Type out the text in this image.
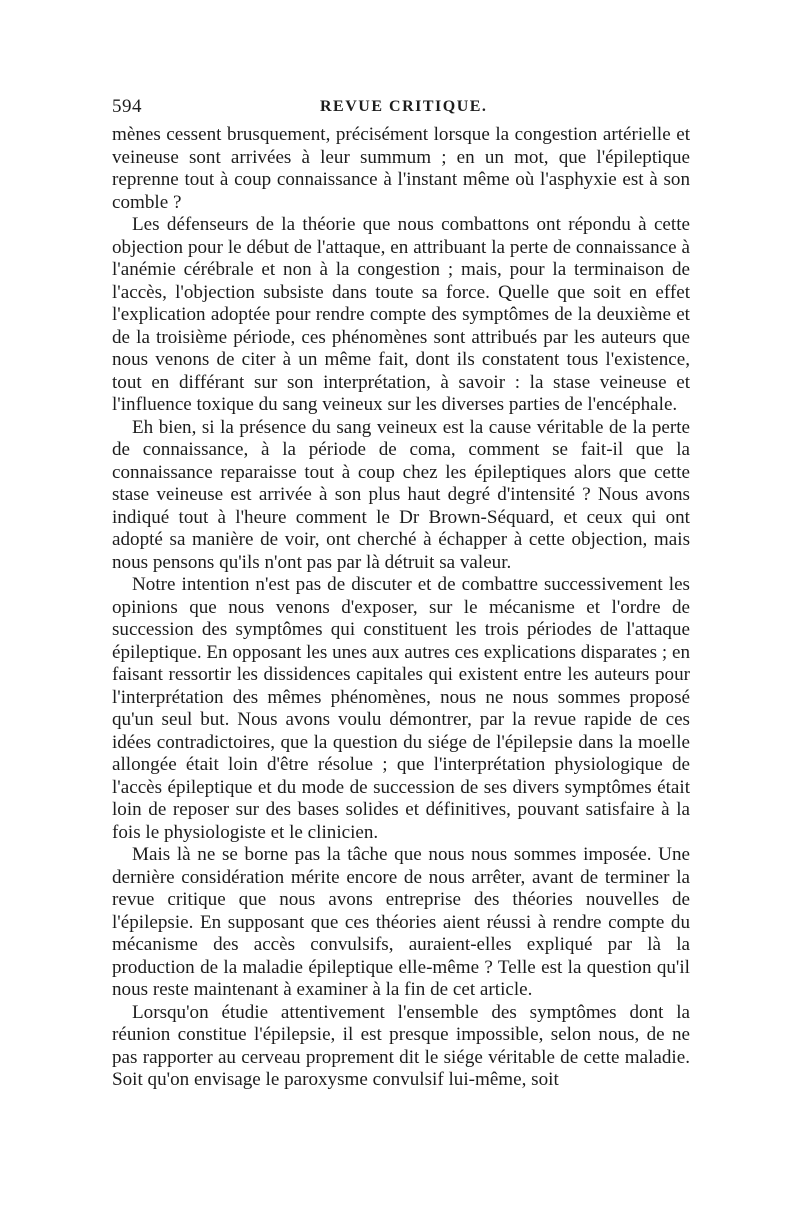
594	REVUE CRITIQUE.

mènes cessent brusquement, précisément lorsque la congestion artérielle et veineuse sont arrivées à leur summum ; en un mot, que l'épileptique reprenne tout à coup connaissance à l'instant même où l'asphyxie est à son comble ?

Les défenseurs de la théorie que nous combattons ont répondu à cette objection pour le début de l'attaque, en attribuant la perte de connaissance à l'anémie cérébrale et non à la congestion ; mais, pour la terminaison de l'accès, l'objection subsiste dans toute sa force. Quelle que soit en effet l'explication adoptée pour rendre compte des symptômes de la deuxième et de la troisième période, ces phénomènes sont attribués par les auteurs que nous venons de citer à un même fait, dont ils constatent tous l'existence, tout en différant sur son interprétation, à savoir : la stase veineuse et l'influence toxique du sang veineux sur les diverses parties de l'encéphale.

Eh bien, si la présence du sang veineux est la cause véritable de la perte de connaissance, à la période de coma, comment se fait-il que la connaissance reparaisse tout à coup chez les épileptiques alors que cette stase veineuse est arrivée à son plus haut degré d'intensité ? Nous avons indiqué tout à l'heure comment le Dr Brown-Séquard, et ceux qui ont adopté sa manière de voir, ont cherché à échapper à cette objection, mais nous pensons qu'ils n'ont pas par là détruit sa valeur.

Notre intention n'est pas de discuter et de combattre successivement les opinions que nous venons d'exposer, sur le mécanisme et l'ordre de succession des symptômes qui constituent les trois périodes de l'attaque épileptique. En opposant les unes aux autres ces explications disparates ; en faisant ressortir les dissidences capitales qui existent entre les auteurs pour l'interprétation des mêmes phénomènes, nous ne nous sommes proposé qu'un seul but. Nous avons voulu démontrer, par la revue rapide de ces idées contradictoires, que la question du siége de l'épilepsie dans la moelle allongée était loin d'être résolue ; que l'interprétation physiologique de l'accès épileptique et du mode de succession de ses divers symptômes était loin de reposer sur des bases solides et définitives, pouvant satisfaire à la fois le physiologiste et le clinicien.

Mais là ne se borne pas la tâche que nous nous sommes imposée. Une dernière considération mérite encore de nous arrêter, avant de terminer la revue critique que nous avons entreprise des théories nouvelles de l'épilepsie. En supposant que ces théories aient réussi à rendre compte du mécanisme des accès convulsifs, auraient-elles expliqué par là la production de la maladie épileptique elle-même ? Telle est la question qu'il nous reste maintenant à examiner à la fin de cet article.

Lorsqu'on étudie attentivement l'ensemble des symptômes dont la réunion constitue l'épilepsie, il est presque impossible, selon nous, de ne pas rapporter au cerveau proprement dit le siége véritable de cette maladie. Soit qu'on envisage le paroxysme convulsif lui-même, soit
